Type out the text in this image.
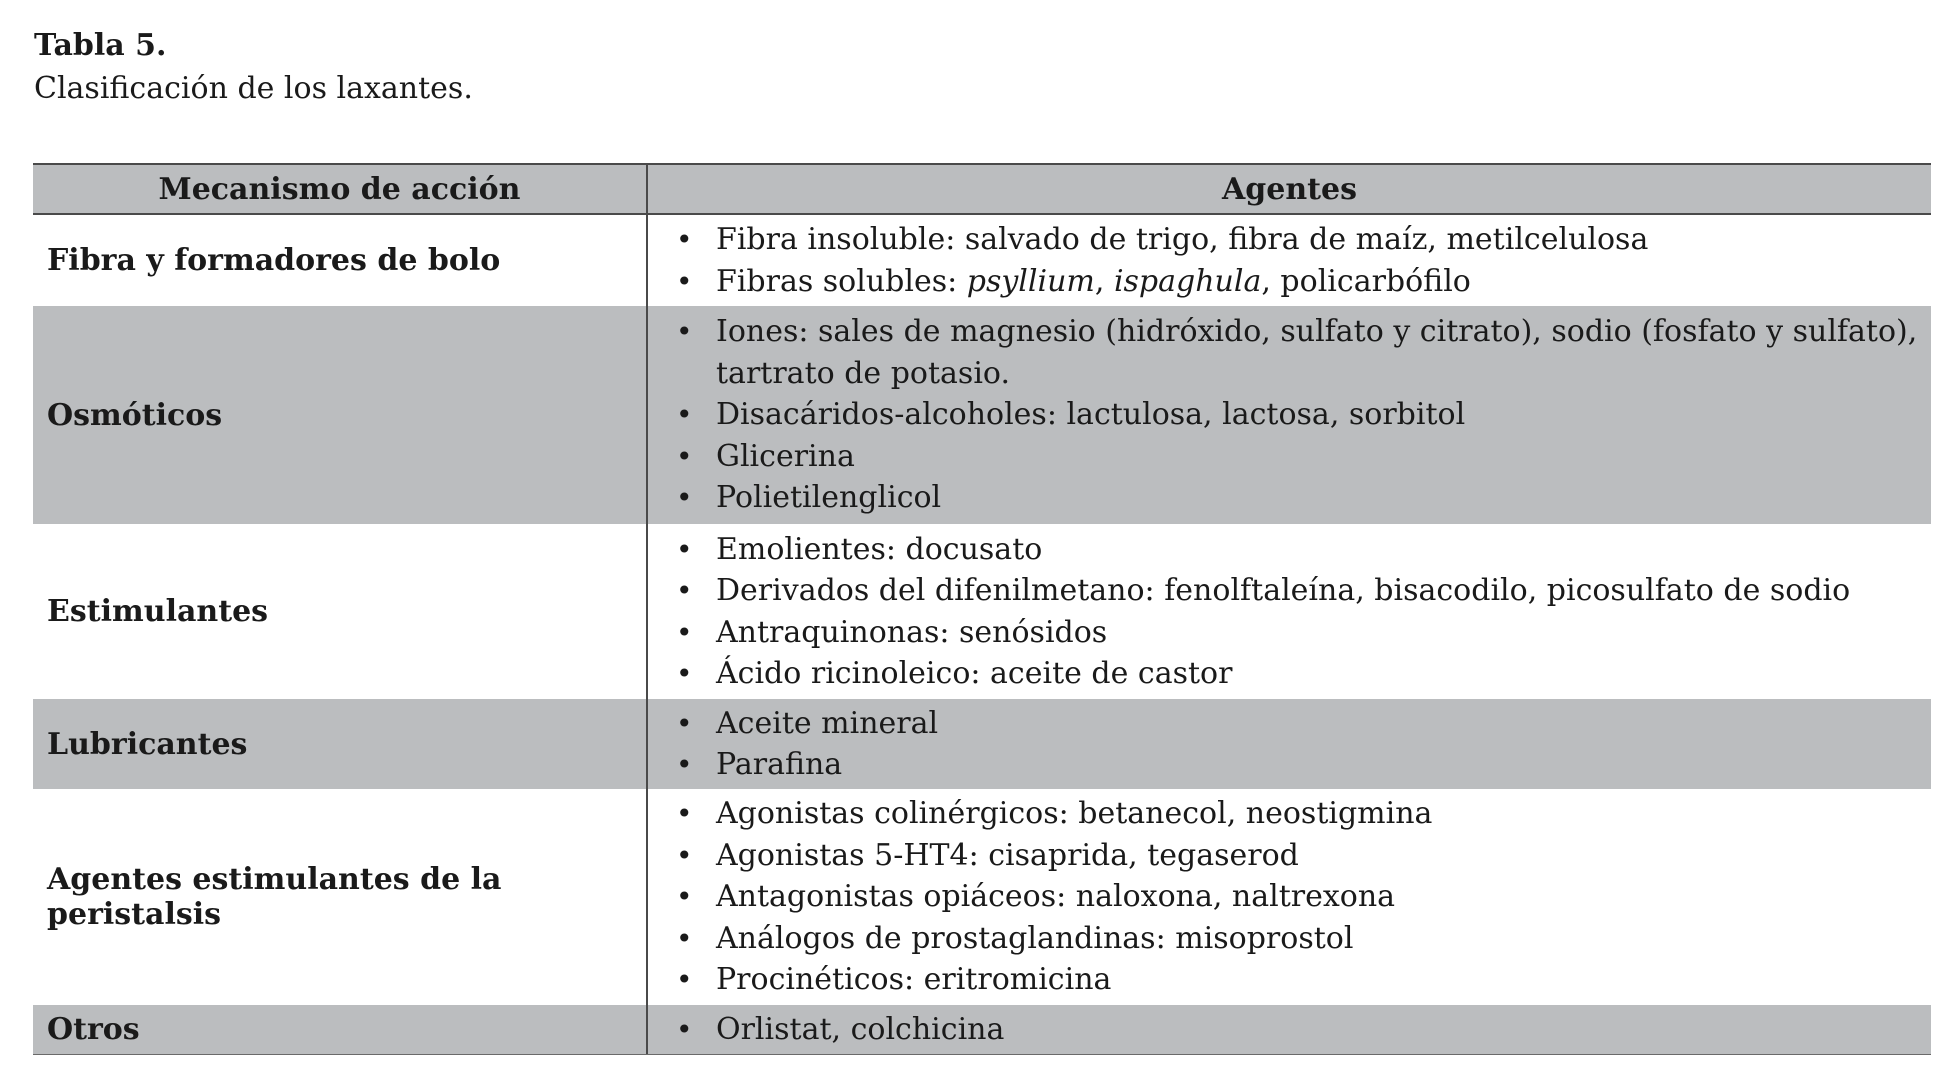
Tabla 5.
Clasificación de los laxantes.
Mecanismo de acción	Agentes
Fibra y formadores de bolo
• Fibra insoluble: salvado de trigo, fibra de maíz, metilcelulosa
• Fibras solubles: psyllium, ispaghula, policarbófilo
Osmóticos
• Iones: sales de magnesio (hidróxido, sulfato y citrato), sodio (fosfato y sulfato), tartrato de potasio.
• Disacáridos-alcoholes: lactulosa, lactosa, sorbitol
• Glicerina
• Polietilenglicol
Estimulantes
• Emolientes: docusato
• Derivados del difenilmetano: fenolftaleína, bisacodilo, picosulfato de sodio
• Antraquinonas: senósidos
• Ácido ricinoleico: aceite de castor
Lubricantes
• Aceite mineral
• Parafina
Agentes estimulantes de la peristalsis
• Agonistas colinérgicos: betanecol, neostigmina
• Agonistas 5-HT4: cisaprida, tegaserod
• Antagonistas opiáceos: naloxona, naltrexona
• Análogos de prostaglandinas: misoprostol
• Procinéticos: eritromicina
Otros	• Orlistat, colchicina
